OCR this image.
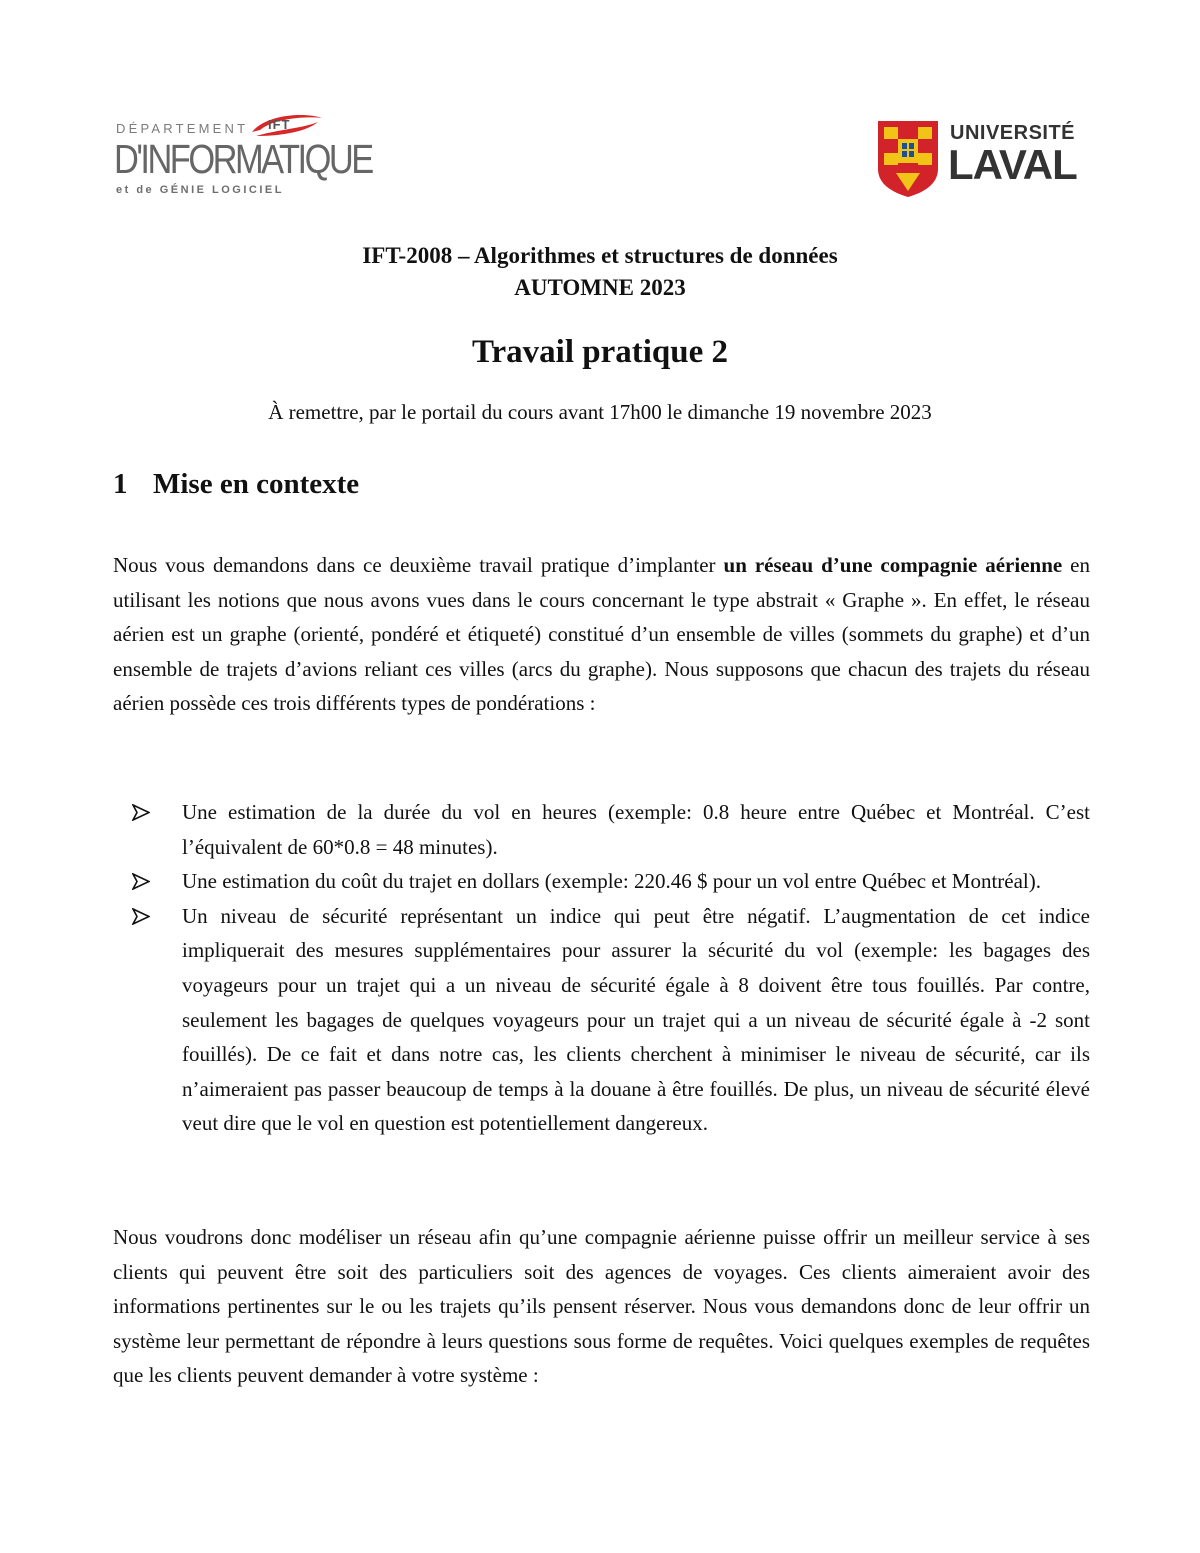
IFT
DÉPARTEMENT
D'INFORMATIQUE
et de GÉNIE LOGICIEL
UNIVERSITÉ
LAVAL
IFT-2008 – Algorithmes et structures de données
AUTOMNE 2023
Travail pratique 2
À remettre, par le portail du cours avant 17h00 le dimanche 19 novembre 2023
1 Mise en contexte
Nous vous demandons dans ce deuxième travail pratique d’implanter un réseau d’une compagnie aérienne en utilisant les notions que nous avons vues dans le cours concernant le type abstrait « Graphe ». En effet, le réseau aérien est un graphe (orienté, pondéré et étiqueté) constitué d’un ensemble de villes (sommets du graphe) et d’un ensemble de trajets d’avions reliant ces villes (arcs du graphe). Nous supposons que chacun des trajets du réseau aérien possède ces trois différents types de pondérations :
Une estimation de la durée du vol en heures (exemple: 0.8 heure entre Québec et Montréal. C’est l’équivalent de 60*0.8 = 48 minutes).
Une estimation du coût du trajet en dollars (exemple: 220.46 $ pour un vol entre Québec et Montréal).
Un niveau de sécurité représentant un indice qui peut être négatif. L’augmentation de cet indice impliquerait des mesures supplémentaires pour assurer la sécurité du vol (exemple: les bagages des voyageurs pour un trajet qui a un niveau de sécurité égale à 8 doivent être tous fouillés. Par contre, seulement les bagages de quelques voyageurs pour un trajet qui a un niveau de sécurité égale à -2 sont fouillés). De ce fait et dans notre cas, les clients cherchent à minimiser le niveau de sécurité, car ils n’aimeraient pas passer beaucoup de temps à la douane à être fouillés. De plus, un niveau de sécurité élevé veut dire que le vol en question est potentiellement dangereux.
Nous voudrons donc modéliser un réseau afin qu’une compagnie aérienne puisse offrir un meilleur service à ses clients qui peuvent être soit des particuliers soit des agences de voyages. Ces clients aimeraient avoir des informations pertinentes sur le ou les trajets qu’ils pensent réserver. Nous vous demandons donc de leur offrir un système leur permettant de répondre à leurs questions sous forme de requêtes. Voici quelques exemples de requêtes que les clients peuvent demander à votre système :
